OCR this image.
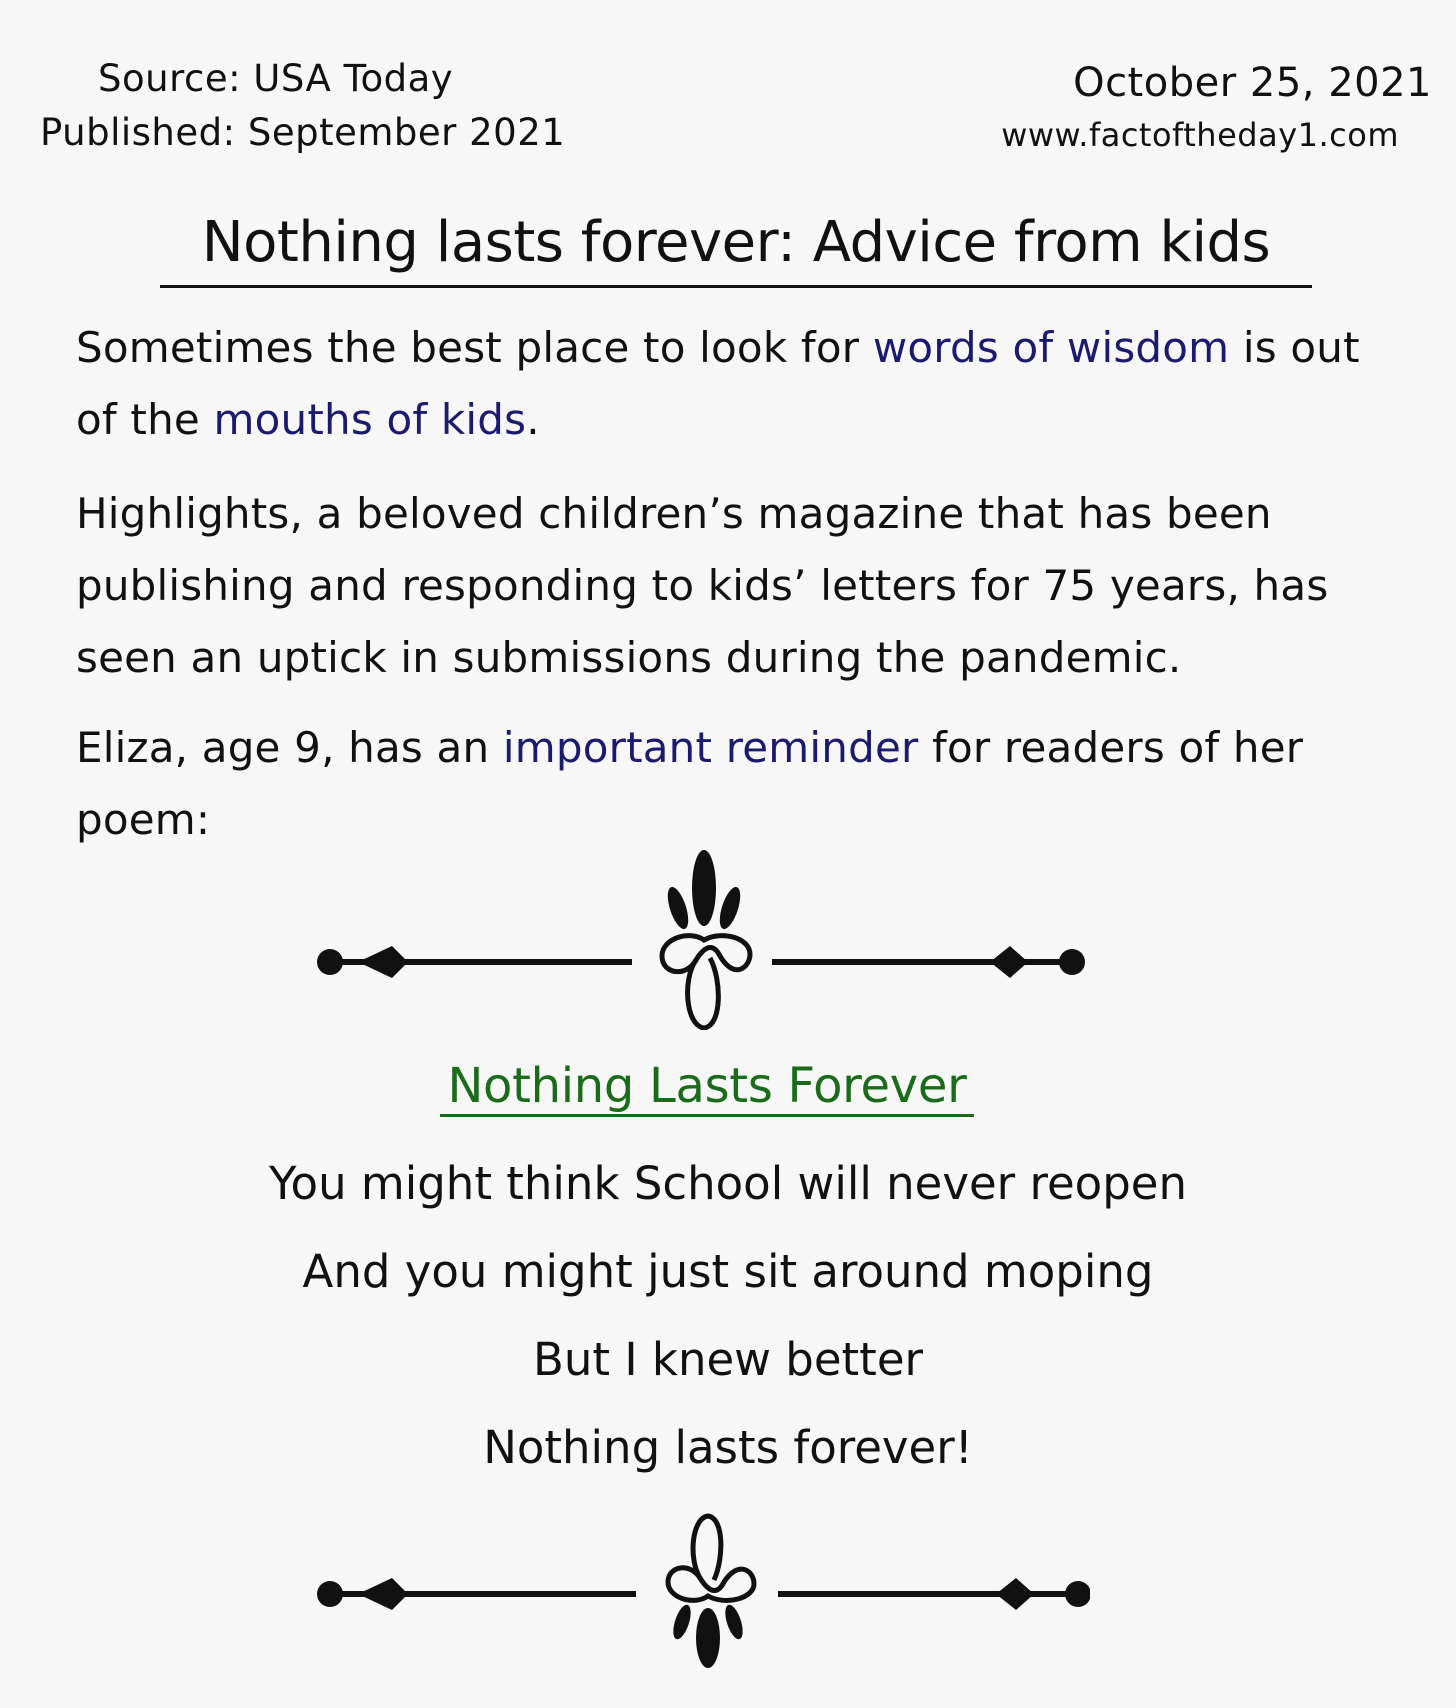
Source: USA Today
Published: September 2021
October 25, 2021
www.factoftheday1.com
Nothing lasts forever: Advice from kids
Sometimes the best place to look for words of wisdom is out of the mouths of kids.
Highlights, a beloved children’s magazine that has been publishing and responding to kids’ letters for 75 years, has seen an uptick in submissions during the pandemic.
Eliza, age 9, has an important reminder for readers of her poem:
Nothing Lasts Forever
You might think School will never reopen
And you might just sit around moping
But I knew better
Nothing lasts forever!
